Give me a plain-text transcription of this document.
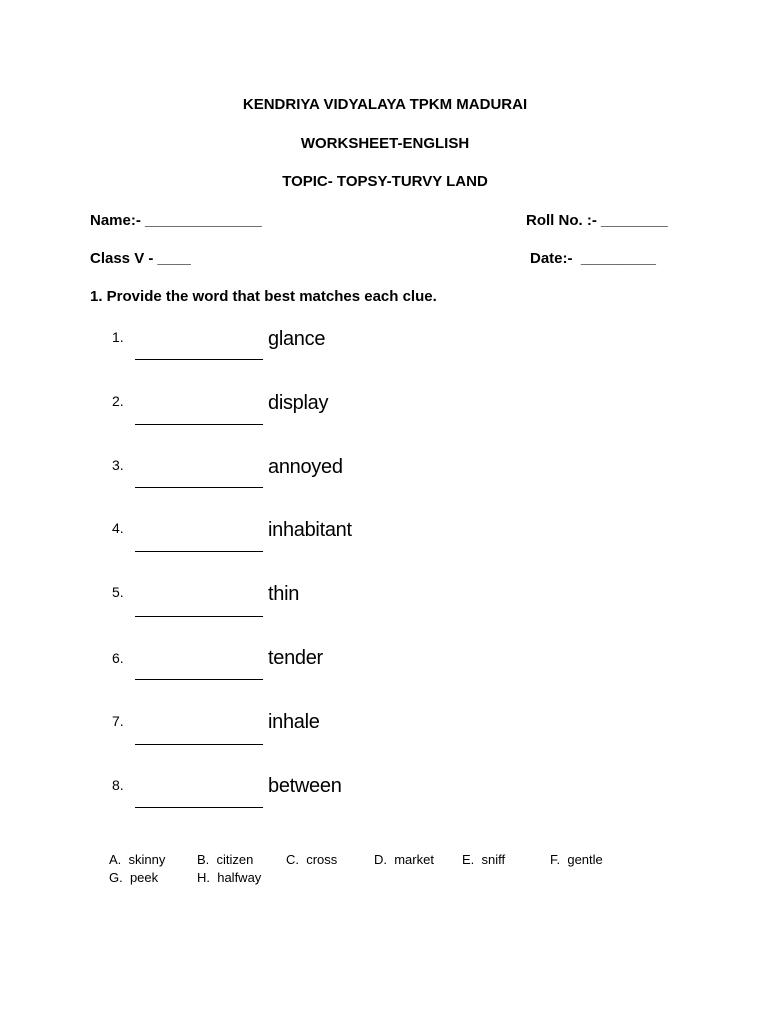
KENDRIYA VIDYALAYA TPKM MADURAI
WORKSHEET-ENGLISH
TOPIC- TOPSY-TURVY LAND
Name:- ______________	Roll No. :- ________
Class V - ____	Date:-  _________
1. Provide the word that best matches each clue.
1.	glance
2.	display
3.	annoyed
4.	inhabitant
5.	thin
6.	tender
7.	inhale
8.	between
A.  skinny B.  citizen	C.  cross	D.  market E.  sniff	F.  gentle
G.  peek	H.  halfway
